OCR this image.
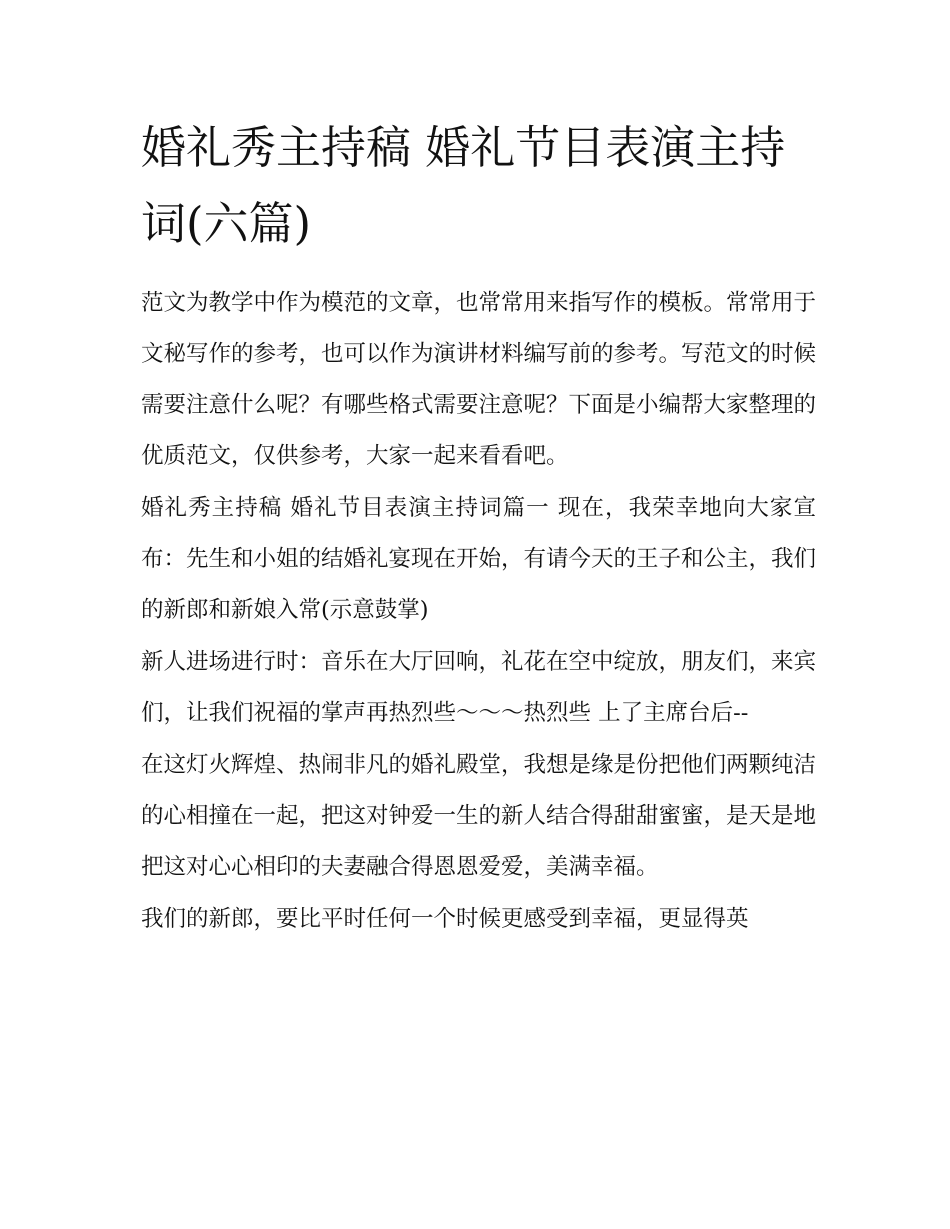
婚礼秀主持稿 婚礼节目表演主持词(六篇)

范文为教学中作为模范的文章，也常常用来指写作的模板。常常用于文秘写作的参考，也可以作为演讲材料编写前的参考。写范文的时候需要注意什么呢？有哪些格式需要注意呢？下面是小编帮大家整理的优质范文，仅供参考，大家一起来看看吧。

婚礼秀主持稿 婚礼节目表演主持词篇一 现在，我荣幸地向大家宣布：先生和小姐的结婚礼宴现在开始，有请今天的王子和公主，我们的新郎和新娘入常(示意鼓掌)

新人进场进行时：音乐在大厅回响，礼花在空中绽放，朋友们，来宾们，让我们祝福的掌声再热烈些～～～热烈些 上了主席台后--

在这灯火辉煌、热闹非凡的婚礼殿堂，我想是缘是份把他们两颗纯洁的心相撞在一起，把这对钟爱一生的新人结合得甜甜蜜蜜，是天是地把这对心心相印的夫妻融合得恩恩爱爱，美满幸福。

我们的新郎，要比平时任何一个时候更感受到幸福，更显得英
